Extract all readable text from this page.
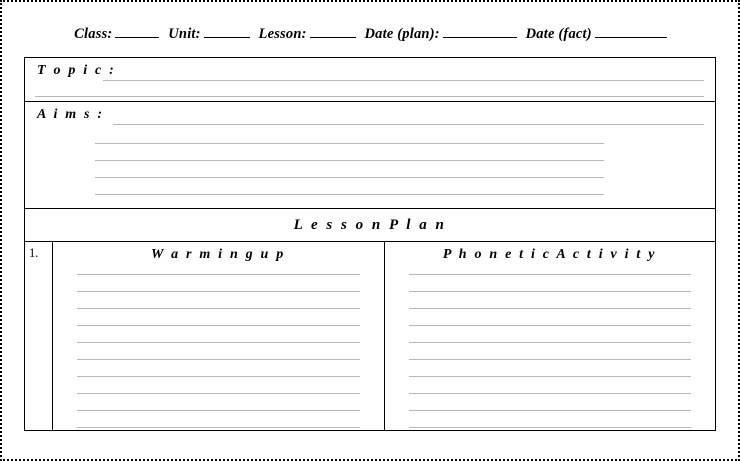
Class:	Unit:	Lesson:	Date (plan):	Date (fact)
T o p i c :
A i m s :
L e s s o n P l a n
1.	W a r m i n g u p	P h o n e t i c A c t i v i t y
